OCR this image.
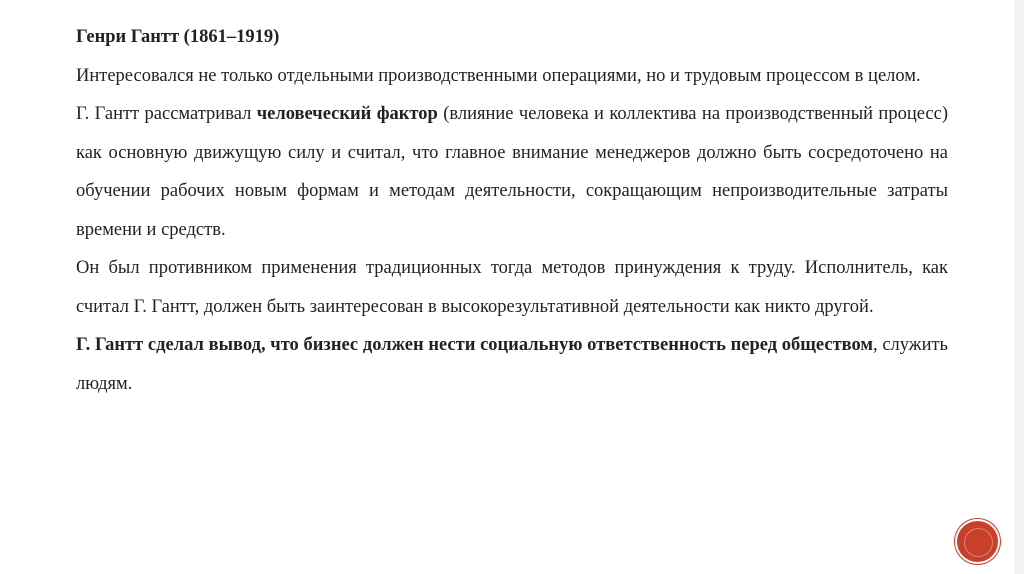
Генри Гантт (1861–1919)

Интересовался не только отдельными производственными операциями, но и трудовым процессом в целом.

Г. Гантт рассматривал человеческий фактор (влияние человека и коллектива на производственный процесс) как основную движущую силу и считал, что главное внимание менеджеров должно быть сосредоточено на обучении рабочих новым формам и методам деятельности, сокращающим непроизводительные затраты времени и средств.

Он был противником применения традиционных тогда методов принуждения к труду. Исполнитель, как считал Г. Гантт, должен быть заинтересован в высокорезультативной деятельности как никто другой.

Г. Гантт сделал вывод, что бизнес должен нести социальную ответственность перед обществом, служить людям.
